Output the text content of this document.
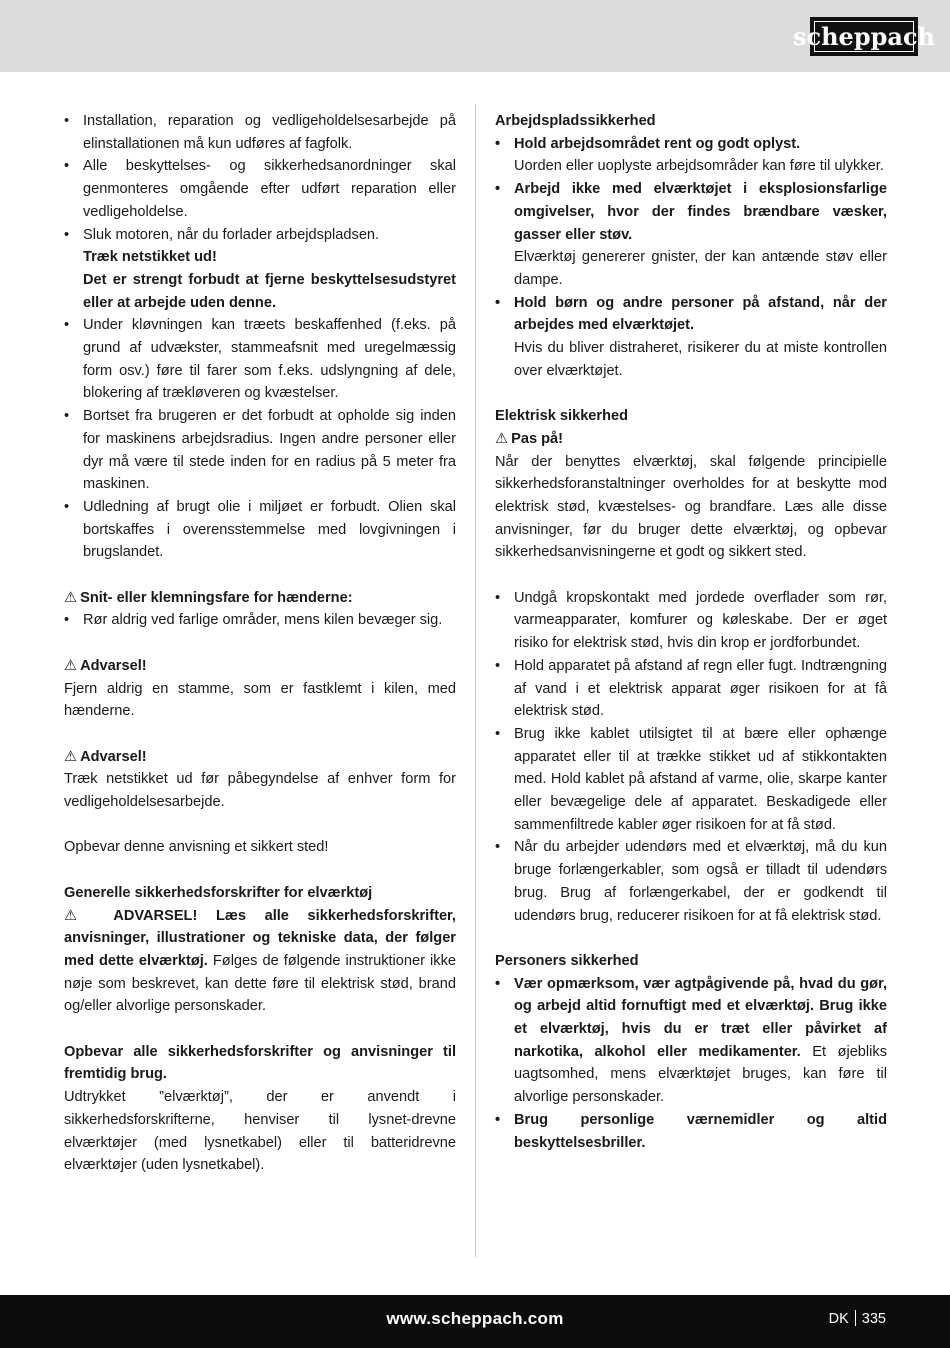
scheppach
• Installation, reparation og vedligeholdelsesarbejde på elinstallationen må kun udføres af fagfolk.
• Alle beskyttelses- og sikkerhedsanordninger skal genmonteres omgående efter udført reparation eller vedligeholdelse.
• Sluk motoren, når du forlader arbejdspladsen.
Træk netstikket ud!
Det er strengt forbudt at fjerne beskyttelsesudstyret eller at arbejde uden denne.
• Under kløvningen kan træets beskaffenhed (f.eks. på grund af udvækster, stammeafsnit med uregelmæssig form osv.) føre til farer som f.eks. udslyngning af dele, blokering af trækløveren og kvæstelser.
• Bortset fra brugeren er det forbudt at opholde sig inden for maskinens arbejdsradius. Ingen andre personer eller dyr må være til stede inden for en radius på 5 meter fra maskinen.
• Udledning af brugt olie i miljøet er forbudt. Olien skal bortskaffes i overensstemmelse med lovgivningen i brugslandet.

⚠ Snit- eller klemningsfare for hænderne:

• Rør aldrig ved farlige områder, mens kilen bevæger sig.

⚠ Advarsel!

Fjern aldrig en stamme, som er fastklemt i kilen, med hænderne.

⚠ Advarsel!

Træk netstikket ud før påbegyndelse af enhver form for vedligeholdelsesarbejde.

Opbevar denne anvisning et sikkert sted!

Generelle sikkerhedsforskrifter for elværktøj

⚠ ADVARSEL! Læs alle sikkerhedsforskrifter, anvisninger, illustrationer og tekniske data, der følger med dette elværktøj. Følges de følgende instruktioner ikke nøje som beskrevet, kan dette føre til elektrisk stød, brand og/eller alvorlige personskader.

Opbevar alle sikkerhedsforskrifter og anvisninger til fremtidig brug.

Udtrykket ”elværktøj”, der er anvendt i sikkerhedsforskrifterne, henviser til lysnet-drevne elværktøjer (med lysnetkabel) eller til batteridrevne elværktøjer (uden lysnetkabel).

Arbejdspladssikkerhed

• Hold arbejdsområdet rent og godt oplyst.
Uorden eller uoplyste arbejdsområder kan føre til ulykker.
• Arbejd ikke med elværktøjet i eksplosionsfarlige omgivelser, hvor der findes brændbare væsker, gasser eller støv.
Elværktøj genererer gnister, der kan antænde støv eller dampe.
• Hold børn og andre personer på afstand, når der arbejdes med elværktøjet.
Hvis du bliver distraheret, risikerer du at miste kontrollen over elværktøjet.

Elektrisk sikkerhed

⚠ Pas på!

Når der benyttes elværktøj, skal følgende principielle sikkerhedsforanstaltninger overholdes for at beskytte mod elektrisk stød, kvæstelses- og brandfare. Læs alle disse anvisninger, før du bruger dette elværktøj, og opbevar sikkerhedsanvisningerne et godt og sikkert sted.

• Undgå kropskontakt med jordede overflader som rør, varmeapparater, komfurer og køleskabe. Der er øget risiko for elektrisk stød, hvis din krop er jordforbundet.
• Hold apparatet på afstand af regn eller fugt. Indtrængning af vand i et elektrisk apparat øger risikoen for at få elektrisk stød.
• Brug ikke kablet utilsigtet til at bære eller ophænge apparatet eller til at trække stikket ud af stikkontakten med. Hold kablet på afstand af varme, olie, skarpe kanter eller bevægelige dele af apparatet. Beskadigede eller sammenfiltrede kabler øger risikoen for at få stød.
• Når du arbejder udendørs med et elværktøj, må du kun bruge forlængerkabler, som også er tilladt til udendørs brug. Brug af forlængerkabel, der er godkendt til udendørs brug, reducerer risikoen for at få elektrisk stød.

Personers sikkerhed

• Vær opmærksom, vær agtpågivende på, hvad du gør, og arbejd altid fornuftigt med et elværktøj. Brug ikke et elværktøj, hvis du er træt eller påvirket af narkotika, alkohol eller medikamenter. Et øjebliks uagtsomhed, mens elværktøjet bruges, kan føre til alvorlige personskader.
• Brug personlige værnemidler og altid beskyttelsesbriller.
www.scheppach.com	DK 335
